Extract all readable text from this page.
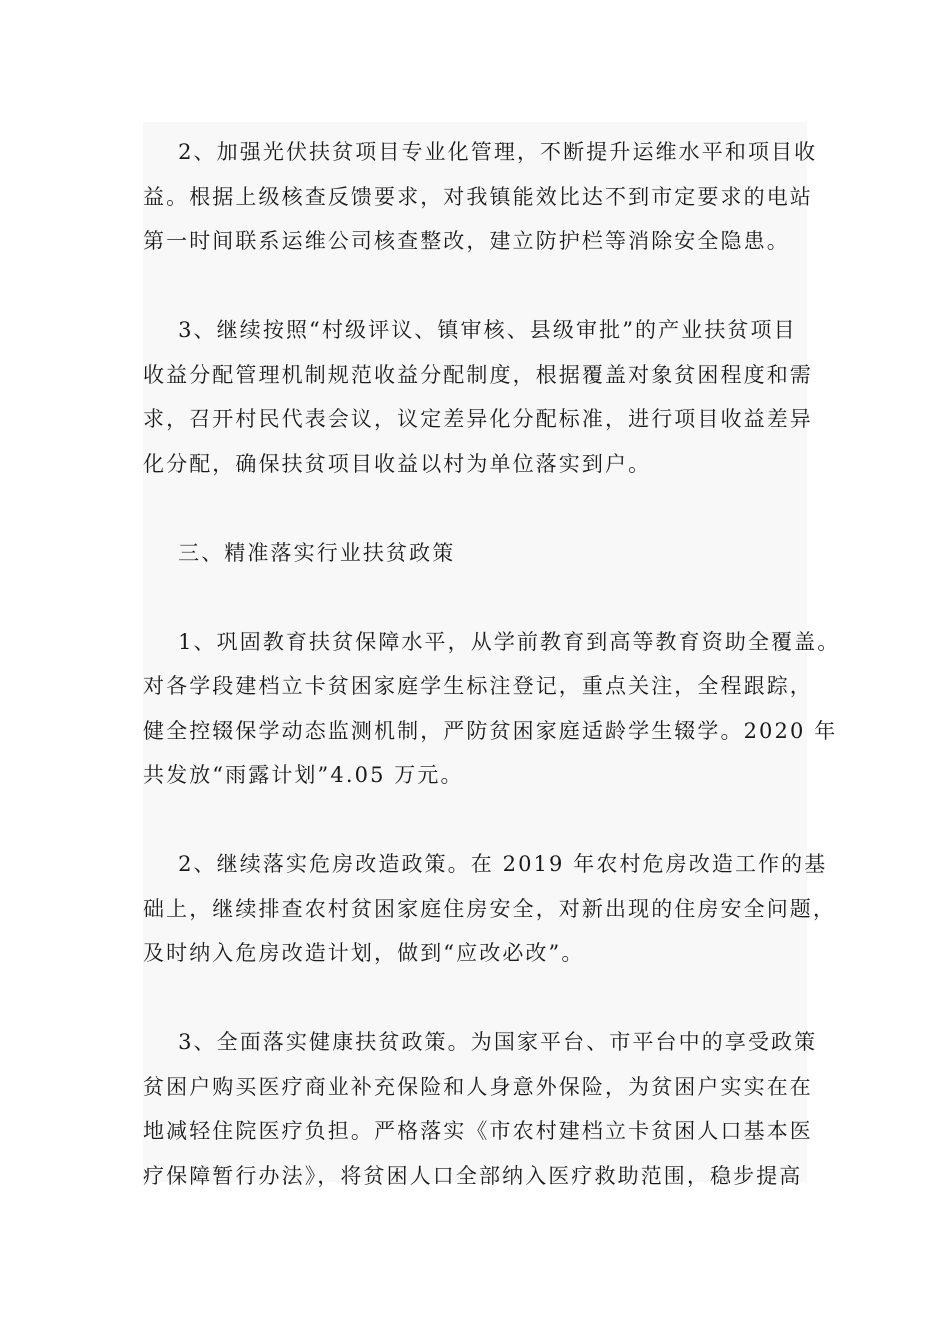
2、加强光伏扶贫项目专业化管理，不断提升运维水平和项目收
益。根据上级核查反馈要求，对我镇能效比达不到市定要求的电站
第一时间联系运维公司核查整改，建立防护栏等消除安全隐患。
3、继续按照“村级评议、镇审核、县级审批”的产业扶贫项目
收益分配管理机制规范收益分配制度，根据覆盖对象贫困程度和需
求，召开村民代表会议，议定差异化分配标准，进行项目收益差异
化分配，确保扶贫项目收益以村为单位落实到户。
三、精准落实行业扶贫政策
1、巩固教育扶贫保障水平，从学前教育到高等教育资助全覆盖。
对各学段建档立卡贫困家庭学生标注登记，重点关注，全程跟踪，
健全控辍保学动态监测机制，严防贫困家庭适龄学生辍学。2020 年
共发放“雨露计划”4.05 万元。
2、继续落实危房改造政策。在 2019 年农村危房改造工作的基
础上，继续排查农村贫困家庭住房安全，对新出现的住房安全问题，
及时纳入危房改造计划，做到“应改必改”。
3、全面落实健康扶贫政策。为国家平台、市平台中的享受政策
贫困户购买医疗商业补充保险和人身意外保险，为贫困户实实在在
地减轻住院医疗负担。严格落实《市农村建档立卡贫困人口基本医
疗保障暂行办法》，将贫困人口全部纳入医疗救助范围，稳步提高
